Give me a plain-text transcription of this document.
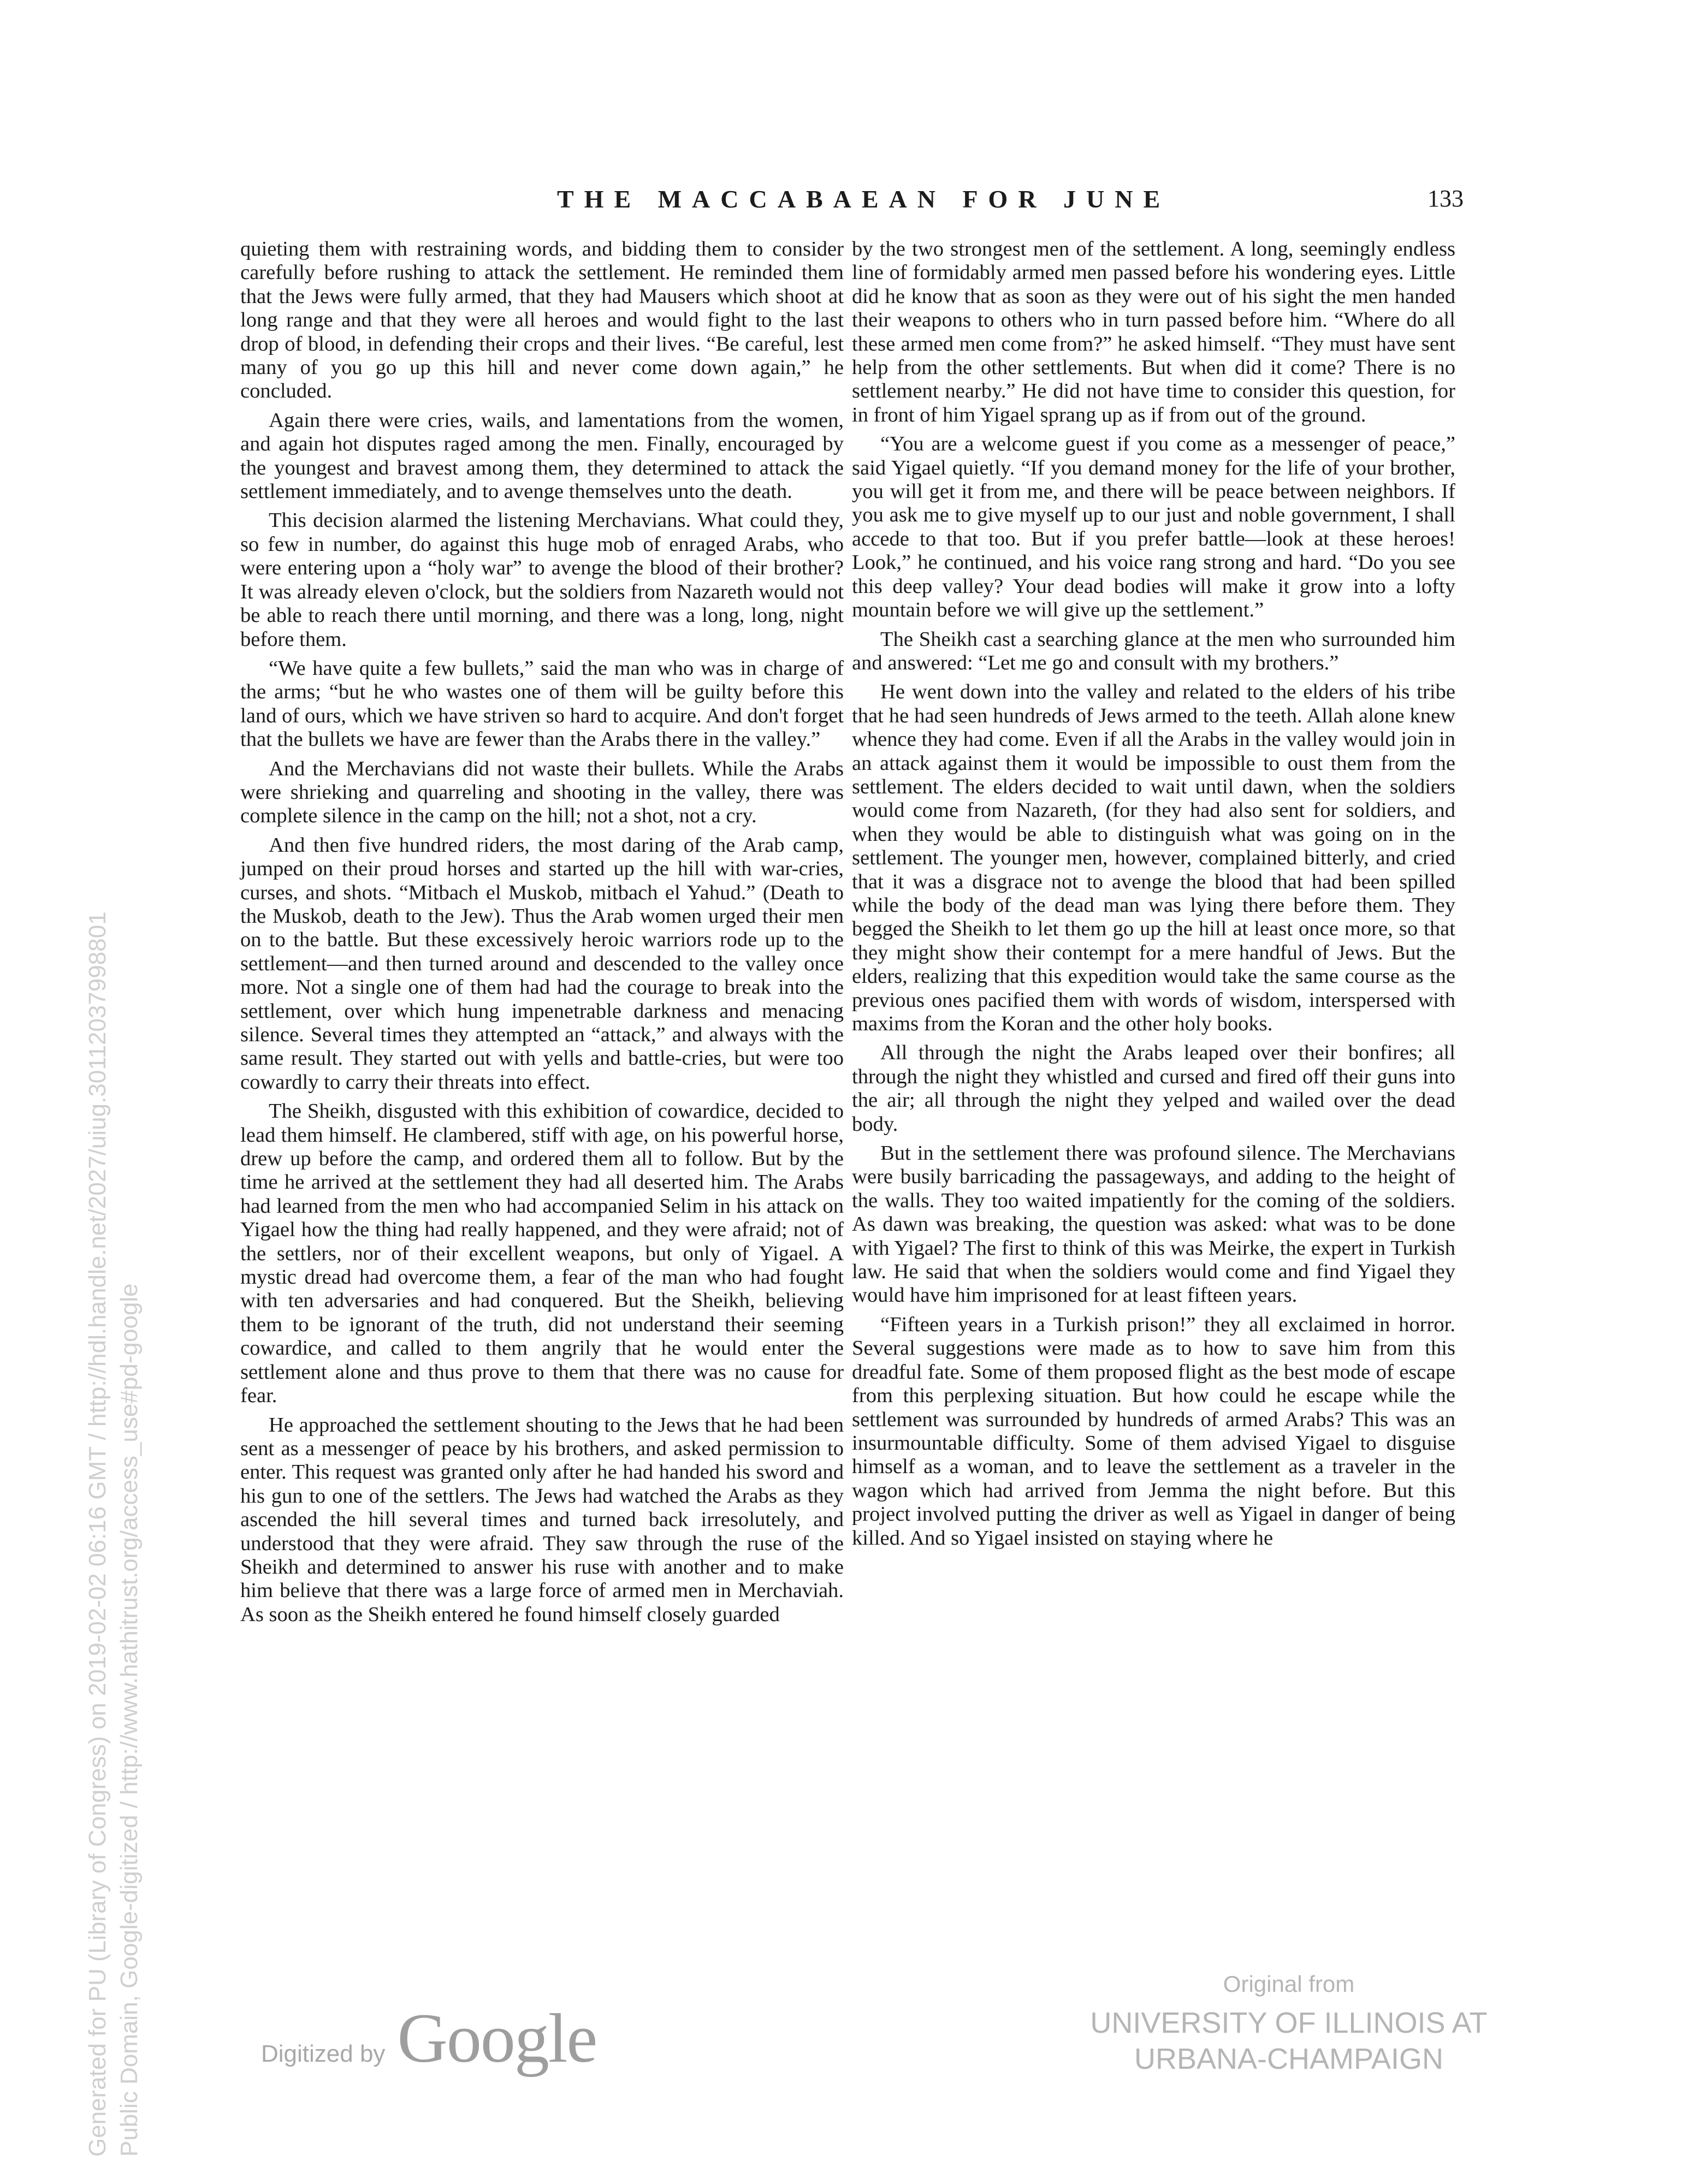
THE MACCABAEAN FOR JUNE	133

quieting them with restraining words, and bidding them to consider carefully before rushing to attack the settlement. He reminded them that the Jews were fully armed, that they had Mausers which shoot at long range and that they were all heroes and would fight to the last drop of blood, in defending their crops and their lives. “Be careful, lest many of you go up this hill and never come down again,” he concluded.

Again there were cries, wails, and lamentations from the women, and again hot disputes raged among the men. Finally, encouraged by the youngest and bravest among them, they determined to attack the settlement immediately, and to avenge themselves unto the death.

This decision alarmed the listening Merchavians. What could they, so few in number, do against this huge mob of enraged Arabs, who were entering upon a “holy war” to avenge the blood of their brother? It was already eleven o'clock, but the soldiers from Nazareth would not be able to reach there until morning, and there was a long, long, night before them.

“We have quite a few bullets,” said the man who was in charge of the arms; “but he who wastes one of them will be guilty before this land of ours, which we have striven so hard to acquire. And don't forget that the bullets we have are fewer than the Arabs there in the valley.”

And the Merchavians did not waste their bullets. While the Arabs were shrieking and quarreling and shooting in the valley, there was complete silence in the camp on the hill; not a shot, not a cry.

And then five hundred riders, the most daring of the Arab camp, jumped on their proud horses and started up the hill with war-cries, curses, and shots. “Mitbach el Muskob, mitbach el Yahud.” (Death to the Muskob, death to the Jew). Thus the Arab women urged their men on to the battle. But these excessively heroic warriors rode up to the settlement—and then turned around and descended to the valley once more. Not a single one of them had had the courage to break into the settlement, over which hung impenetrable darkness and menacing silence. Several times they attempted an “attack,” and always with the same result. They started out with yells and battle-cries, but were too cowardly to carry their threats into effect.

The Sheikh, disgusted with this exhibition of cowardice, decided to lead them himself. He clambered, stiff with age, on his powerful horse, drew up before the camp, and ordered them all to follow. But by the time he arrived at the settlement they had all deserted him. The Arabs had learned from the men who had accompanied Selim in his attack on Yigael how the thing had really happened, and they were afraid; not of the settlers, nor of their excellent weapons, but only of Yigael. A mystic dread had overcome them, a fear of the man who had fought with ten adversaries and had conquered. But the Sheikh, believing them to be ignorant of the truth, did not understand their seeming cowardice, and called to them angrily that he would enter the settlement alone and thus prove to them that there was no cause for fear.

He approached the settlement shouting to the Jews that he had been sent as a messenger of peace by his brothers, and asked permission to enter. This request was granted only after he had handed his sword and his gun to one of the settlers. The Jews had watched the Arabs as they ascended the hill several times and turned back irresolutely, and understood that they were afraid. They saw through the ruse of the Sheikh and determined to answer his ruse with another and to make him believe that there was a large force of armed men in Merchaviah. As soon as the Sheikh entered he found himself closely guarded

by the two strongest men of the settlement. A long, seemingly endless line of formidably armed men passed before his wondering eyes. Little did he know that as soon as they were out of his sight the men handed their weapons to others who in turn passed before him. “Where do all these armed men come from?” he asked himself. “They must have sent help from the other settlements. But when did it come? There is no settlement nearby.” He did not have time to consider this question, for in front of him Yigael sprang up as if from out of the ground.

“You are a welcome guest if you come as a messenger of peace,” said Yigael quietly. “If you demand money for the life of your brother, you will get it from me, and there will be peace between neighbors. If you ask me to give myself up to our just and noble government, I shall accede to that too. But if you prefer battle—look at these heroes! Look,” he continued, and his voice rang strong and hard. “Do you see this deep valley? Your dead bodies will make it grow into a lofty mountain before we will give up the settlement.”

The Sheikh cast a searching glance at the men who surrounded him and answered: “Let me go and consult with my brothers.”

He went down into the valley and related to the elders of his tribe that he had seen hundreds of Jews armed to the teeth. Allah alone knew whence they had come. Even if all the Arabs in the valley would join in an attack against them it would be impossible to oust them from the settlement. The elders decided to wait until dawn, when the soldiers would come from Nazareth, (for they had also sent for soldiers, and when they would be able to distinguish what was going on in the settlement. The younger men, however, complained bitterly, and cried that it was a disgrace not to avenge the blood that had been spilled while the body of the dead man was lying there before them. They begged the Sheikh to let them go up the hill at least once more, so that they might show their contempt for a mere handful of Jews. But the elders, realizing that this expedition would take the same course as the previous ones pacified them with words of wisdom, interspersed with maxims from the Koran and the other holy books.

All through the night the Arabs leaped over their bonfires; all through the night they whistled and cursed and fired off their guns into the air; all through the night they yelped and wailed over the dead body.

But in the settlement there was profound silence. The Merchavians were busily barricading the passageways, and adding to the height of the walls. They too waited impatiently for the coming of the soldiers. As dawn was breaking, the question was asked: what was to be done with Yigael? The first to think of this was Meirke, the expert in Turkish law. He said that when the soldiers would come and find Yigael they would have him imprisoned for at least fifteen years.

“Fifteen years in a Turkish prison!” they all exclaimed in horror. Several suggestions were made as to how to save him from this dreadful fate. Some of them proposed flight as the best mode of escape from this perplexing situation. But how could he escape while the settlement was surrounded by hundreds of armed Arabs? This was an insurmountable difficulty. Some of them advised Yigael to disguise himself as a woman, and to leave the settlement as a traveler in the wagon which had arrived from Jemma the night before. But this project involved putting the driver as well as Yigael in danger of being killed. And so Yigael insisted on staying where he

Generated for PU (Library of Congress) on 2019-02-02 06:16 GMT / http://hdl.handle.net/2027/uiug.30112037998801 Public Domain, Google-digitized / http://www.hathitrust.org/access_use#pd-google	Digitized by Google
Original from
UNIVERSITY OF ILLINOIS AT
URBANA-CHAMPAIGN
